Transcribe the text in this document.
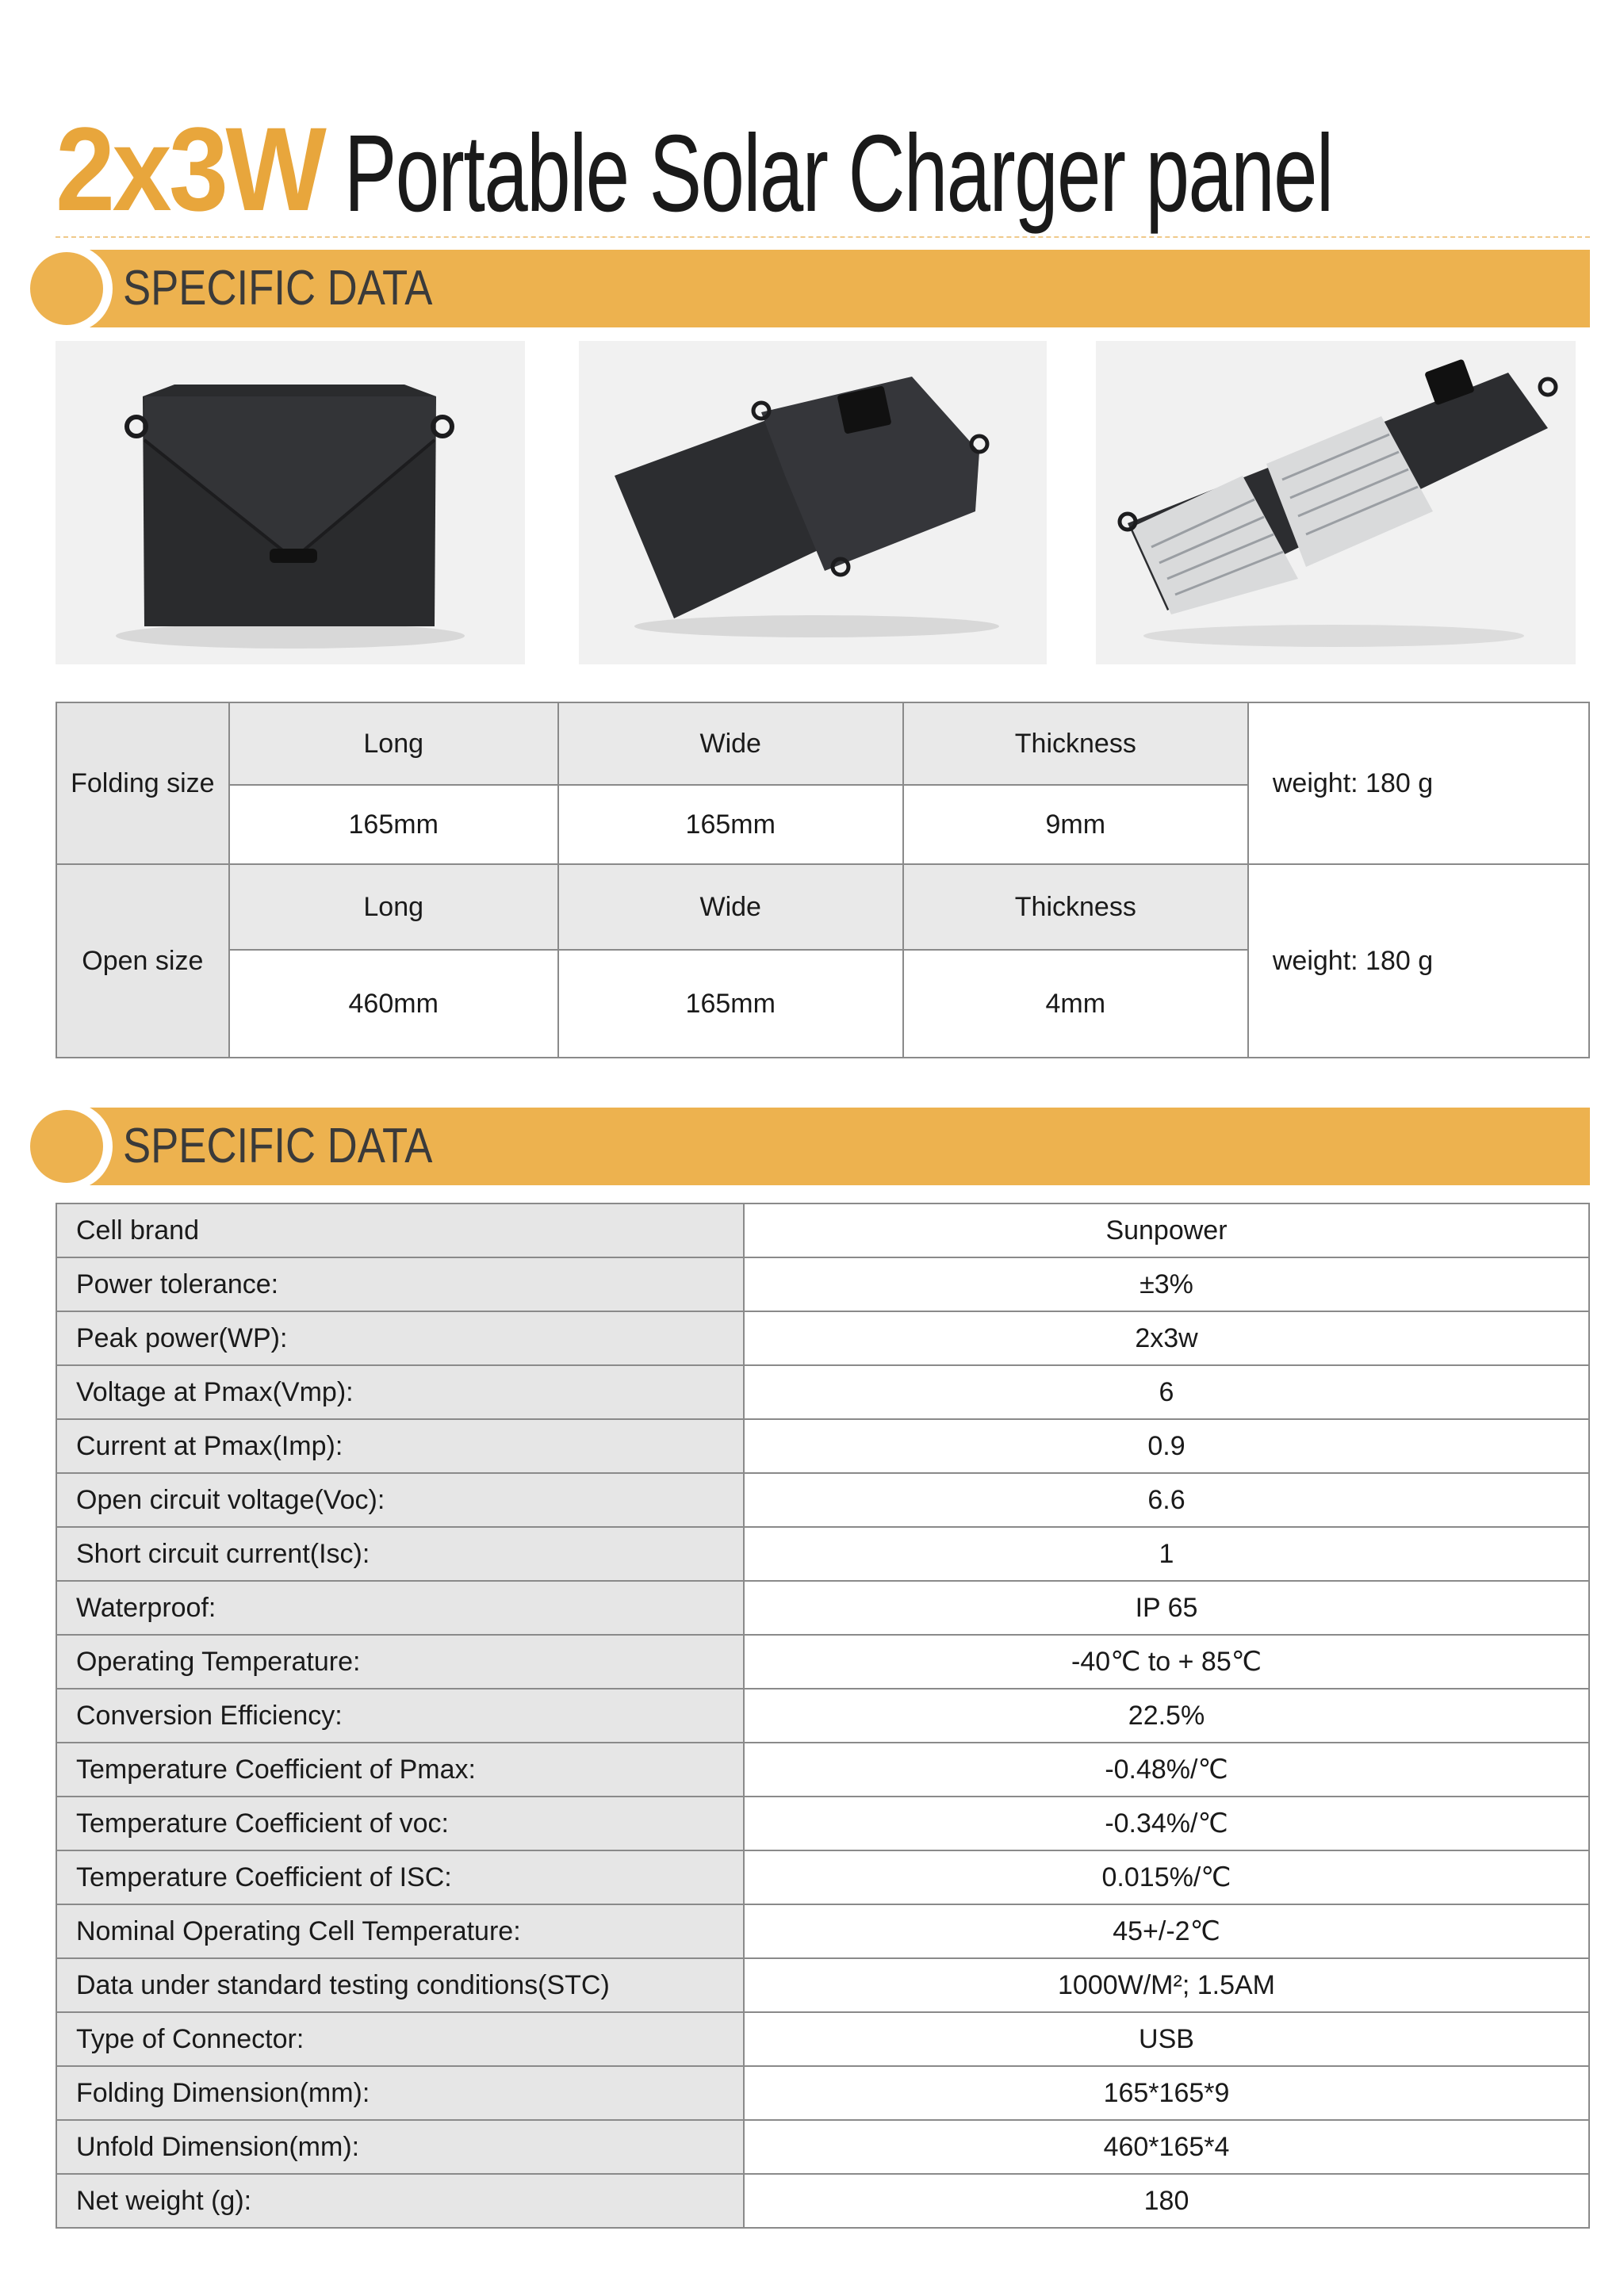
2x3W Portable Solar Charger panel
SPECIFIC DATA
Folding size	Long	Wide	Thickness	weight: 180 g
	165mm	165mm	9mm	
Open size	Long	Wide	Thickness	weight: 180 g
	460mm	165mm	4mm	
SPECIFIC DATA
Cell brand	Sunpower
Power tolerance:	±3%
Peak power(WP):	2x3w
Voltage at Pmax(Vmp):	6
Current at Pmax(Imp):	0.9
Open circuit voltage(Voc):	6.6
Short circuit current(Isc):	1
Waterproof:	IP 65
Operating Temperature:	-40℃ to + 85℃
Conversion Efficiency:	22.5%
Temperature Coefficient of Pmax:	-0.48%/℃
Temperature Coefficient of voc:	-0.34%/℃
Temperature Coefficient of ISC:	0.015%/℃
Nominal Operating Cell Temperature:	45+/-2℃
Data under standard testing conditions(STC)	1000W/M²; 1.5AM
Type of Connector:	USB
Folding Dimension(mm):	165*165*9
Unfold Dimension(mm):	460*165*4
Net weight (g):	180
